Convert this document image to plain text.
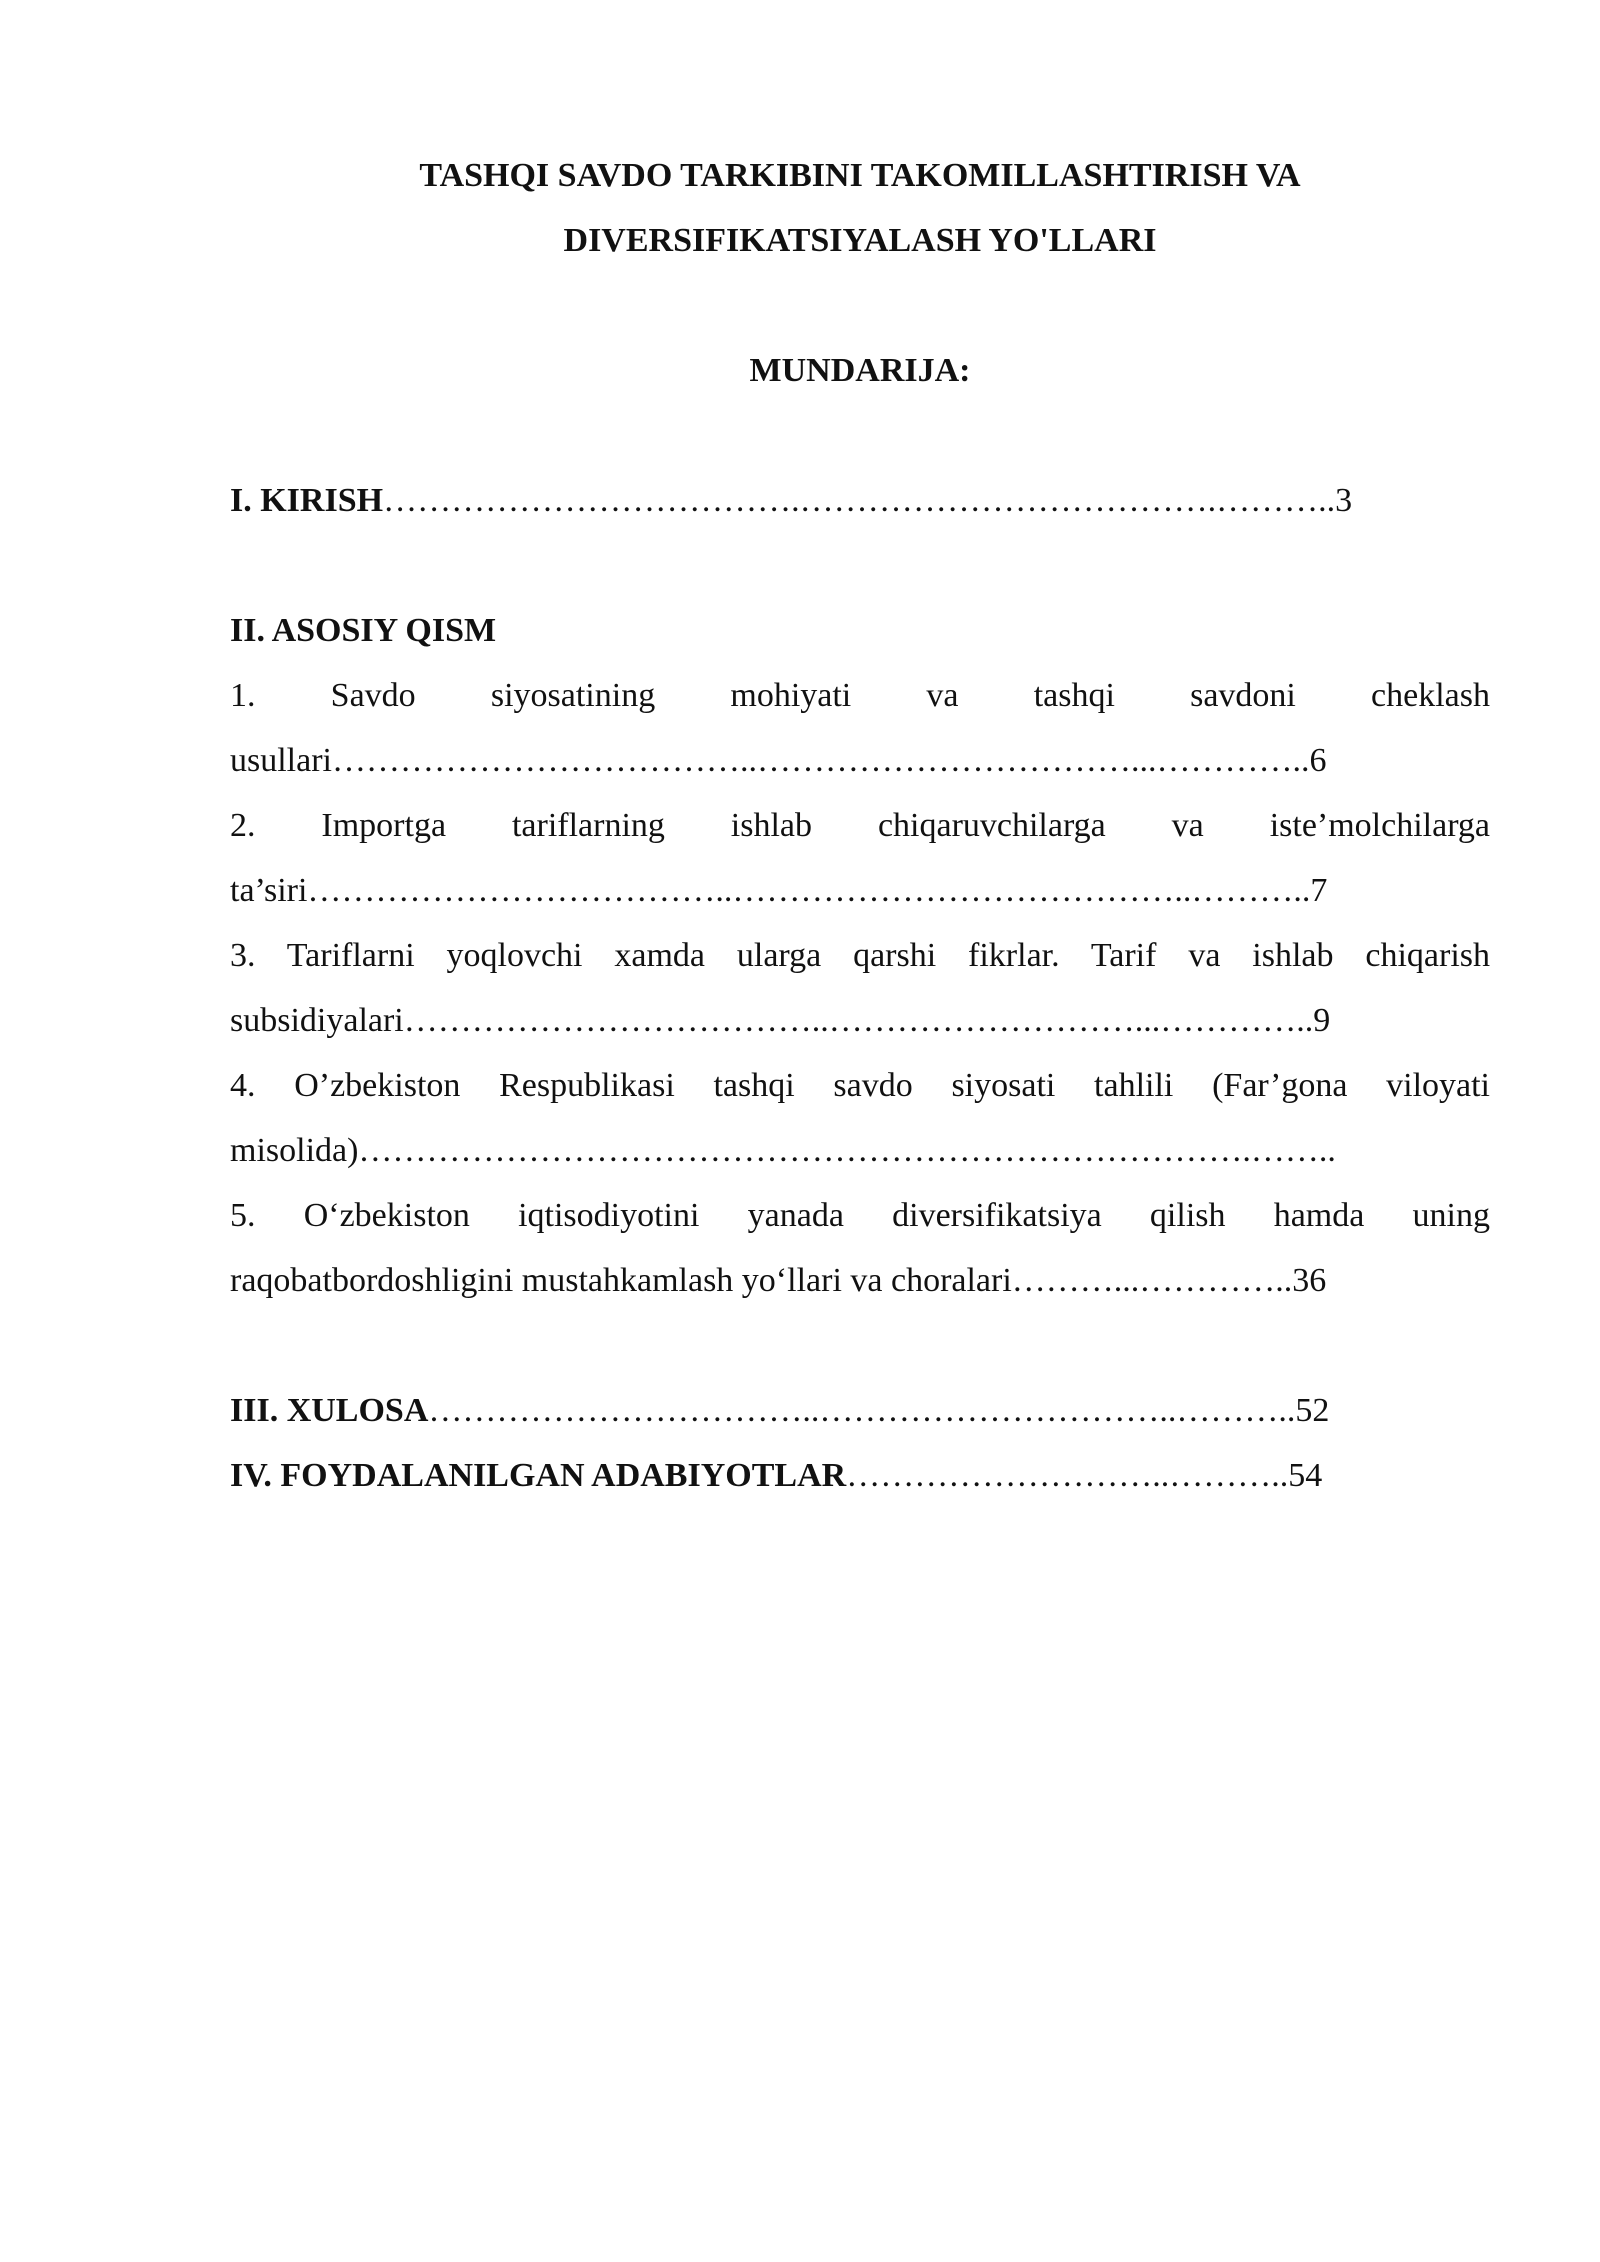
TASHQI SAVDO TARKIBINI TAKOMILLASHTIRISH VA
DIVERSIFIKATSIYALASH YO'LLARI
MUNDARIJA:
I. KIRISH……………………………….……………………………….………..3
II. ASOSIY QISM
1. Savdo siyosatining mohiyati va tashqi savdoni cheklash
usullari………………………………..……………………………...…………..6
2. Importga tariflarning ishlab chiqaruvchilarga va iste’molchilarga
ta’siri………………………………..…………………………………..………..7
3. Tariflarni yoqlovchi xamda ularga qarshi fikrlar. Tarif va ishlab chiqarish
subsidiyalari………………………………..………………………...…………..9
4. O’zbekiston Respublikasi tashqi savdo siyosati tahlili (Far’gona viloyati
misolida)…………………………………………………………………….……..
5. O‘zbekiston iqtisodiyotini yanada diversifikatsiya qilish hamda uning
raqobatbordoshligini mustahkamlash yo‘llari va choralari………...…………..36
III. XULOSA……………………………..…………………………..………..52
IV. FOYDALANILGAN ADABIYOTLAR………………………..………..54
